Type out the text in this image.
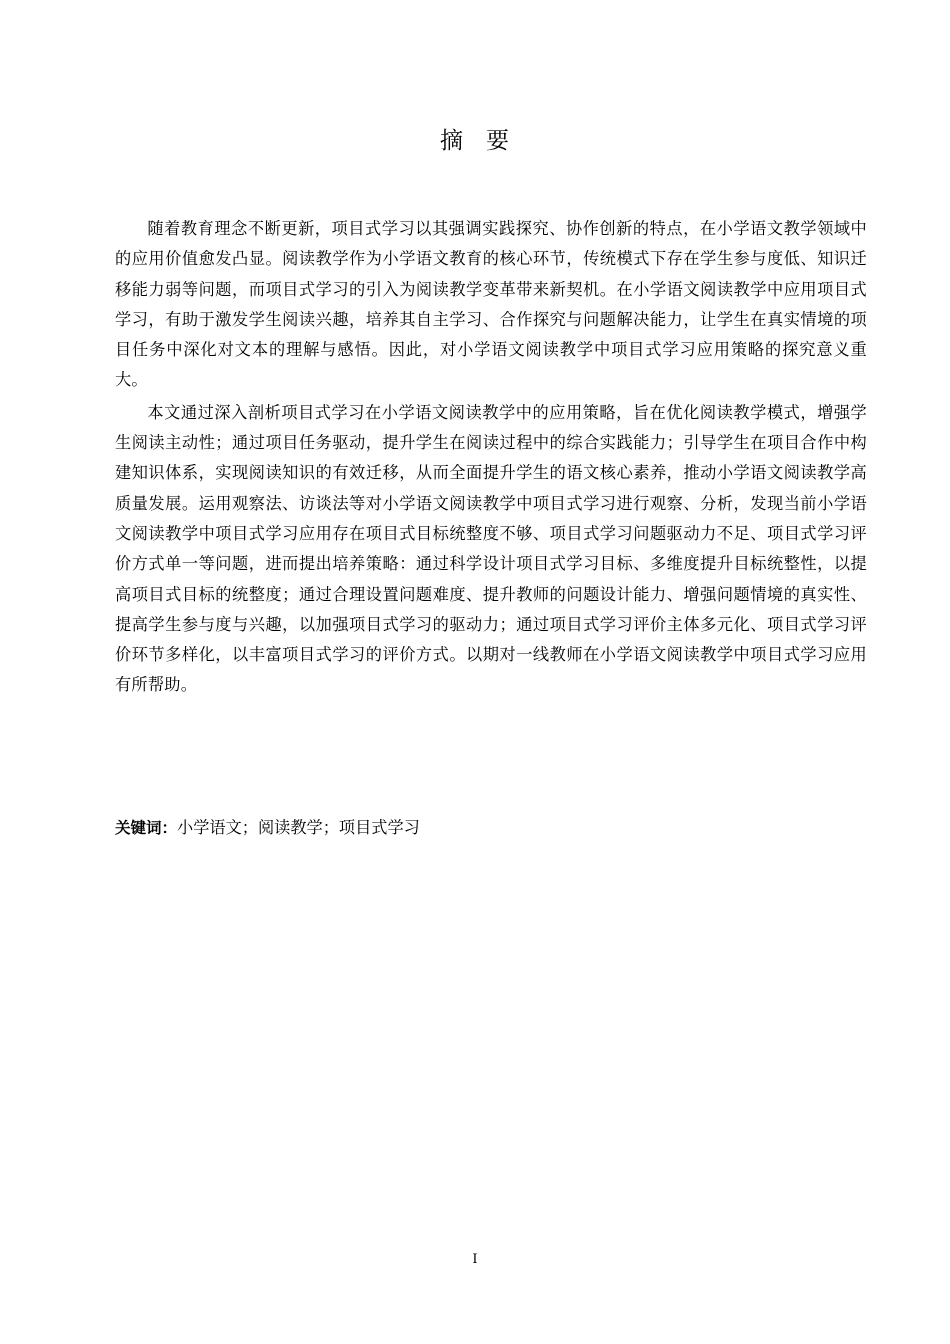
摘 要

随着教育理念不断更新，项目式学习以其强调实践探究、协作创新的特点，在小学语文教学领域中的应用价值愈发凸显。阅读教学作为小学语文教育的核心环节，传统模式下存在学生参与度低、知识迁移能力弱等问题，而项目式学习的引入为阅读教学变革带来新契机。在小学语文阅读教学中应用项目式学习，有助于激发学生阅读兴趣，培养其自主学习、合作探究与问题解决能力，让学生在真实情境的项目任务中深化对文本的理解与感悟。因此，对小学语文阅读教学中项目式学习应用策略的探究意义重大。

本文通过深入剖析项目式学习在小学语文阅读教学中的应用策略，旨在优化阅读教学模式，增强学生阅读主动性；通过项目任务驱动，提升学生在阅读过程中的综合实践能力；引导学生在项目合作中构建知识体系，实现阅读知识的有效迁移，从而全面提升学生的语文核心素养，推动小学语文阅读教学高质量发展。运用观察法、访谈法等对小学语文阅读教学中项目式学习进行观察、分析，发现当前小学语文阅读教学中项目式学习应用存在项目式目标统整度不够、项目式学习问题驱动力不足、项目式学习评价方式单一等问题，进而提出培养策略：通过科学设计项目式学习目标、多维度提升目标统整性，以提高项目式目标的统整度；通过合理设置问题难度、提升教师的问题设计能力、增强问题情境的真实性、提高学生参与度与兴趣，以加强项目式学习的驱动力；通过项目式学习评价主体多元化、项目式学习评价环节多样化，以丰富项目式学习的评价方式。以期对一线教师在小学语文阅读教学中项目式学习应用有所帮助。

关键词：小学语文；阅读教学；项目式学习
I
